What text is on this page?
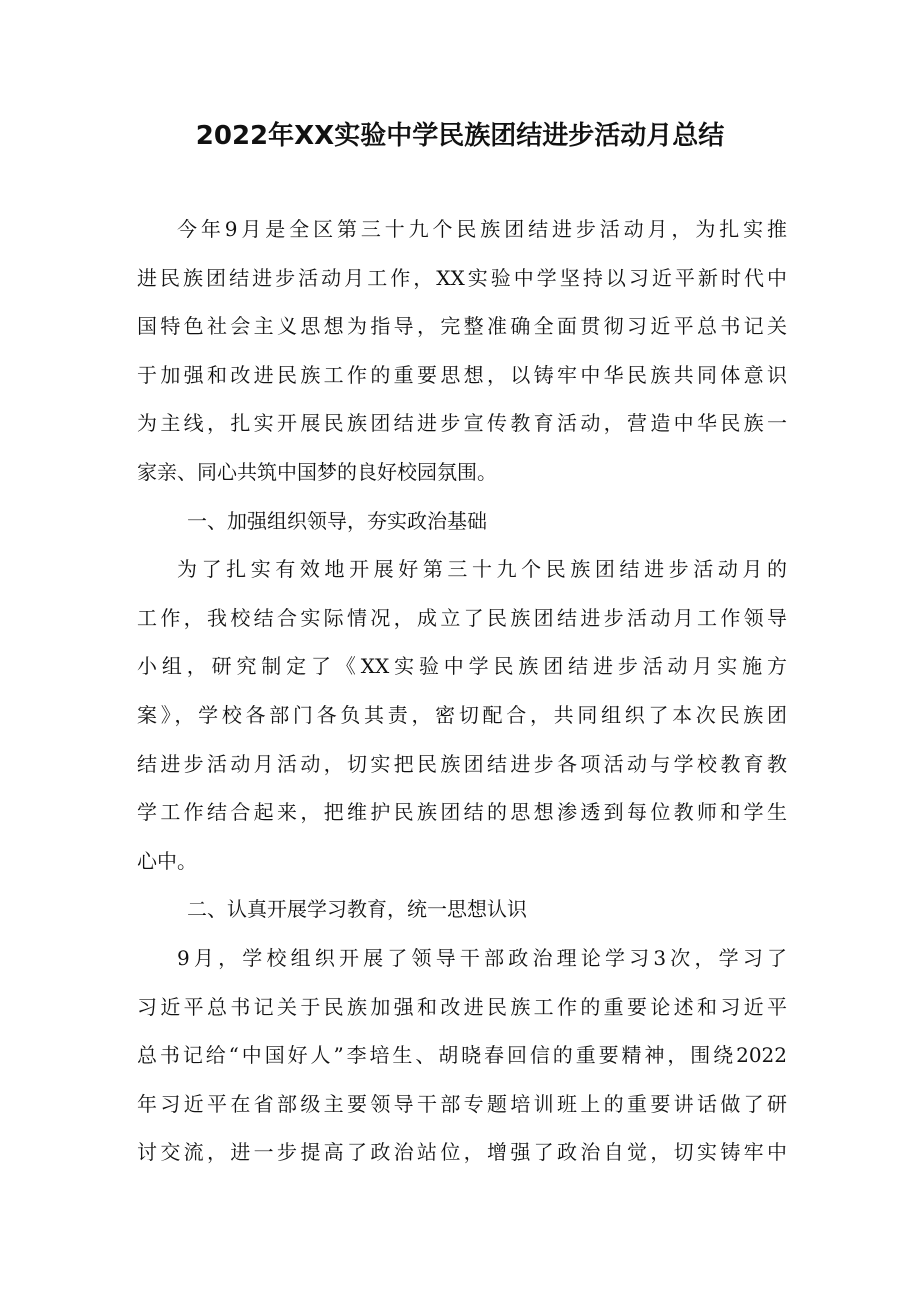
2022年XX实验中学民族团结进步活动月总结
今年9月是全区第三十九个民族团结进步活动月，为扎实推
进民族团结进步活动月工作，XX实验中学坚持以习近平新时代中
国特色社会主义思想为指导，完整准确全面贯彻习近平总书记关
于加强和改进民族工作的重要思想，以铸牢中华民族共同体意识
为主线，扎实开展民族团结进步宣传教育活动，营造中华民族一
家亲、同心共筑中国梦的良好校园氛围。
一、加强组织领导，夯实政治基础
为了扎实有效地开展好第三十九个民族团结进步活动月的
工作，我校结合实际情况，成立了民族团结进步活动月工作领导
小组，研究制定了《XX实验中学民族团结进步活动月实施方
案》，学校各部门各负其责，密切配合，共同组织了本次民族团
结进步活动月活动，切实把民族团结进步各项活动与学校教育教
学工作结合起来，把维护民族团结的思想渗透到每位教师和学生
心中。
二、认真开展学习教育，统一思想认识
9月，学校组织开展了领导干部政治理论学习3次，学习了
习近平总书记关于民族加强和改进民族工作的重要论述和习近平
总书记给“中国好人”李培生、胡晓春回信的重要精神，围绕2022
年习近平在省部级主要领导干部专题培训班上的重要讲话做了研
讨交流，进一步提高了政治站位，增强了政治自觉，切实铸牢中
